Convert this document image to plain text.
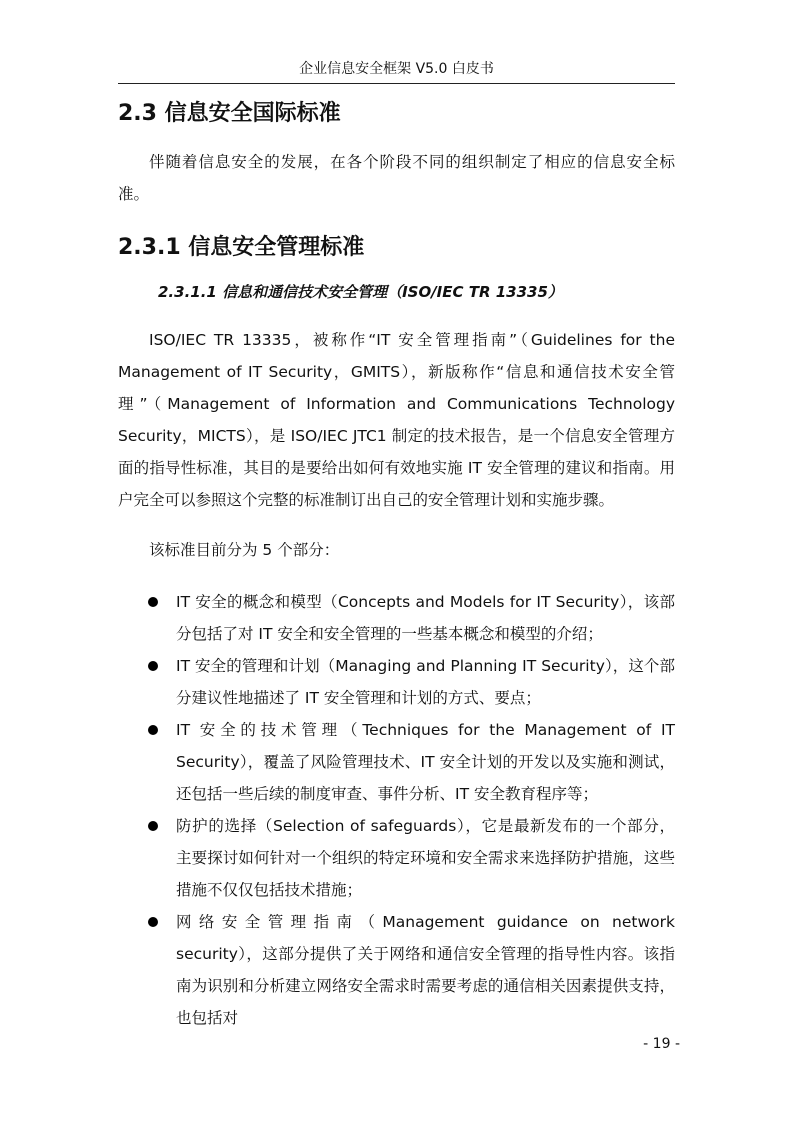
企业信息安全框架 V5.0 白皮书
2.3 信息安全国际标准

伴随着信息安全的发展，在各个阶段不同的组织制定了相应的信息安全标准。

2.3.1 信息安全管理标准
2.3.1.1 信息和通信技术安全管理（ISO/IEC TR 13335）

ISO/IEC TR 13335，被称作“IT 安全管理指南”（Guidelines for the Management of IT Security，GMITS），新版称作“信息和通信技术安全管理”（Management of Information and Communications Technology Security，MICTS），是 ISO/IEC JTC1 制定的技术报告，是一个信息安全管理方面的指导性标准，其目的是要给出如何有效地实施 IT 安全管理的建议和指南。用户完全可以参照这个完整的标准制订出自己的安全管理计划和实施步骤。

该标准目前分为 5 个部分：

IT 安全的概念和模型（Concepts and Models for IT Security），该部分包括了对 IT 安全和安全管理的一些基本概念和模型的介绍；
IT 安全的管理和计划（Managing and Planning IT Security），这个部分建议性地描述了 IT 安全管理和计划的方式、要点；
IT 安全的技术管理（Techniques for the Management of IT Security），覆盖了风险管理技术、IT 安全计划的开发以及实施和测试，还包括一些后续的制度审查、事件分析、IT 安全教育程序等；
防护的选择（Selection of safeguards），它是最新发布的一个部分，主要探讨如何针对一个组织的特定环境和安全需求来选择防护措施，这些措施不仅仅包括技术措施；
网络安全管理指南（Management guidance on network security），这部分提供了关于网络和通信安全管理的指导性内容。该指南为识别和分析建立网络安全需求时需要考虑的通信相关因素提供支持，也包括对
- 19 -
